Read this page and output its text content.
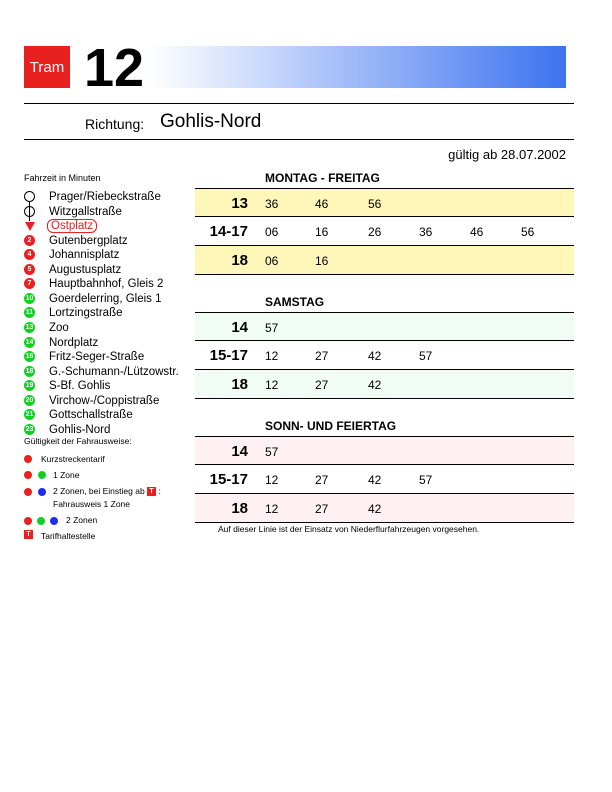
Tram 12
Richtung: Gohlis-Nord
gültig ab 28.07.2002
Fahrzeit in Minuten
Prager/Riebeckstraße
Witzgallstraße
Ostplatz
2	Gutenbergplatz
4	Johannisplatz
5	Augustusplatz
7	Hauptbahnhof, Gleis 2
10 Goerdelerring, Gleis 1
11 Lortzingstraße
13 Zoo
14 Nordplatz
16 Fritz-Seger-Straße
18 G.-Schumann-/Lützowstr.
19 S-Bf. Gohlis
20 Virchow-/Coppistraße
21 Gottschallstraße
23 Gohlis-Nord
Gültigkeit der Fahrausweise:
Kurzstreckentarif
1 Zone
2 Zonen, bei Einstieg ab T :
Fahrausweis 1 Zone
2 Zonen
T Tarifhaltestelle
MONTAG - FREITAG
13 36	46	56
14-17 06	16	26	36	46	56
18 06	16
SAMSTAG
14 57
15-17 12	27	42	57
18 12	27	42
SONN- UND FEIERTAG
14 57
15-17 12	27	42	57
18 12	27	42
Auf dieser Linie ist der Einsatz von Niederflurfahrzeugen vorgesehen.
